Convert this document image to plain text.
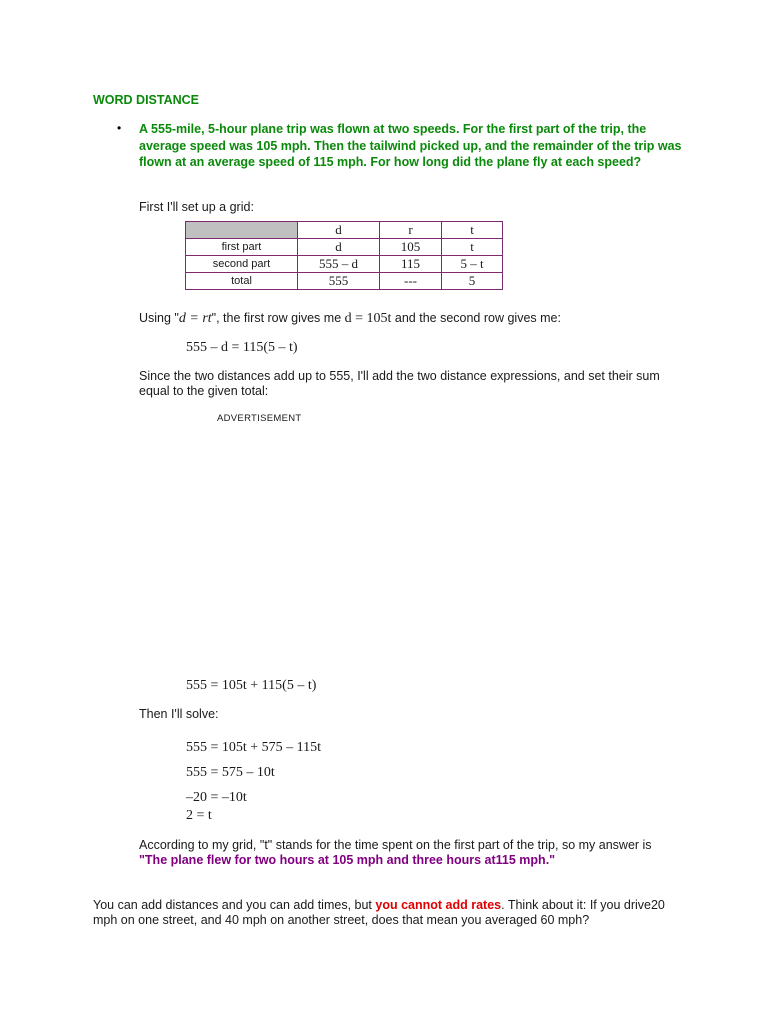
WORD DISTANCE
• A 555-mile, 5-hour plane trip was flown at two speeds. For the first part of the trip, the average speed was 105 mph. Then the tailwind picked up, and the remainder of the trip was flown at an average speed of 115 mph. For how long did the plane fly at each speed?
First I'll set up a grid:
	d	r	t
first part	d	105	t
second part	555 – d	115	5 – t
total	555	---	5
Using "d = rt", the first row gives me d = 105t and the second row gives me:
555 – d = 115(5 – t)
Since the two distances add up to 555, I'll add the two distance expressions, and set their sum equal to the given total:
ADVERTISEMENT
555 = 105t + 115(5 – t)
Then I'll solve:
555 = 105t + 575 – 115t
555 = 575 – 10t
–20 = –10t
2 = t
According to my grid, "t" stands for the time spent on the first part of the trip, so my answer is "The plane flew for two hours at 105 mph and three hours at115 mph."
You can add distances and you can add times, but you cannot add rates. Think about it: If you drive20 mph on one street, and 40 mph on another street, does that mean you averaged 60 mph?
